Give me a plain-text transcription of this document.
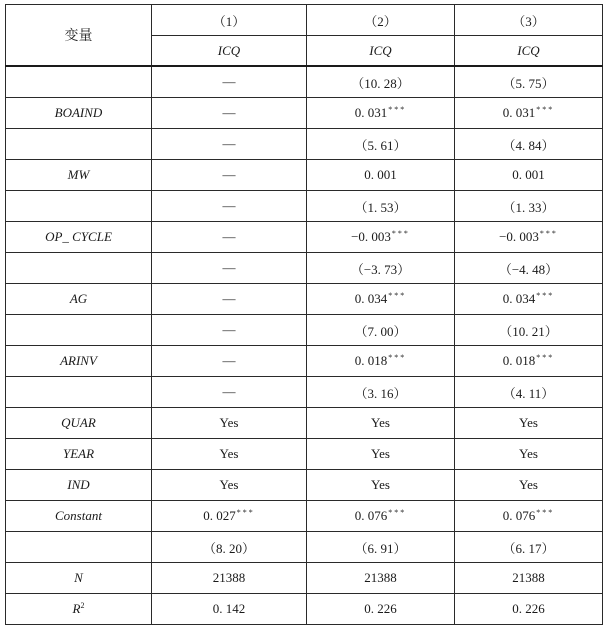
变量	（1）	（2）	（3）
	ICQ	ICQ	ICQ
	—	（10. 28）	（5. 75）
BOAIND	—	0. 031***	0. 031***
	—	（5. 61）	（4. 84）
MW	—	0. 001	0. 001
	—	（1. 53）	（1. 33）
OP_ CYCLE	—	−0. 003***	−0. 003***
	—	（−3. 73）	（−4. 48）
AG	—	0. 034***	0. 034***
	—	（7. 00）	（10. 21）
ARINV	—	0. 018***	0. 018***
	—	（3. 16）	（4. 11）
QUAR	Yes	Yes	Yes
YEAR	Yes	Yes	Yes
IND	Yes	Yes	Yes
Constant	0. 027***	0. 076***	0. 076***
	（8. 20）	（6. 91）	（6. 17）
N	21388	21388	21388
$R^2$	0. 142	0. 226	0. 226
